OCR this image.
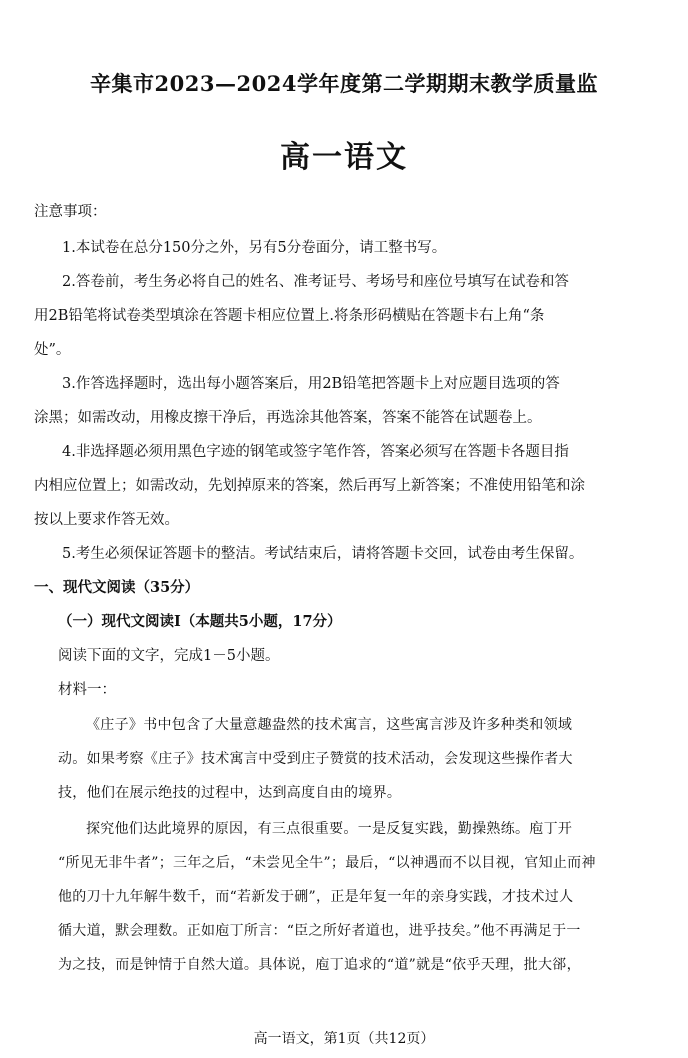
辛集市2023—2024学年度第二学期期末教学质量监
高一语文
注意事项：
1.本试卷在总分150分之外，另有5分卷面分，请工整书写。
2.答卷前，考生务必将自己的姓名、准考证号、考场号和座位号填写在试卷和答
用2B铅笔将试卷类型填涂在答题卡相应位置上.将条形码横贴在答题卡右上角“条
处”。
3.作答选择题时，选出每小题答案后，用2B铅笔把答题卡上对应题目选项的答
涂黑；如需改动，用橡皮擦干净后，再选涂其他答案，答案不能答在试题卷上。
4.非选择题必须用黑色字迹的钢笔或签字笔作答，答案必须写在答题卡各题目指
内相应位置上；如需改动，先划掉原来的答案，然后再写上新答案；不准使用铅笔和涂
按以上要求作答无效。
5.考生必须保证答题卡的整洁。考试结束后，请将答题卡交回，试卷由考生保留。
一、现代文阅读（35分）
（一）现代文阅读Ⅰ（本题共5小题，17分）
阅读下面的文字，完成1－5小题。
材料一：
《庄子》书中包含了大量意趣盎然的技术寓言，这些寓言涉及许多种类和领域
动。如果考察《庄子》技术寓言中受到庄子赞赏的技术活动，会发现这些操作者大
技，他们在展示绝技的过程中，达到高度自由的境界。
探究他们达此境界的原因，有三点很重要。一是反复实践，勤操熟练。庖丁开
“所见无非牛者”；三年之后，“未尝见全牛”；最后，“以神遇而不以目视，官知止而神
他的刀十九年解牛数千，而“若新发于硎”，正是年复一年的亲身实践，才技术过人
循大道，默会理数。正如庖丁所言：“臣之所好者道也，进乎技矣。”他不再满足于一
为之技，而是钟情于自然大道。具体说，庖丁追求的“道”就是“依乎天理，批大郤，
高一语文，第1页（共12页）
